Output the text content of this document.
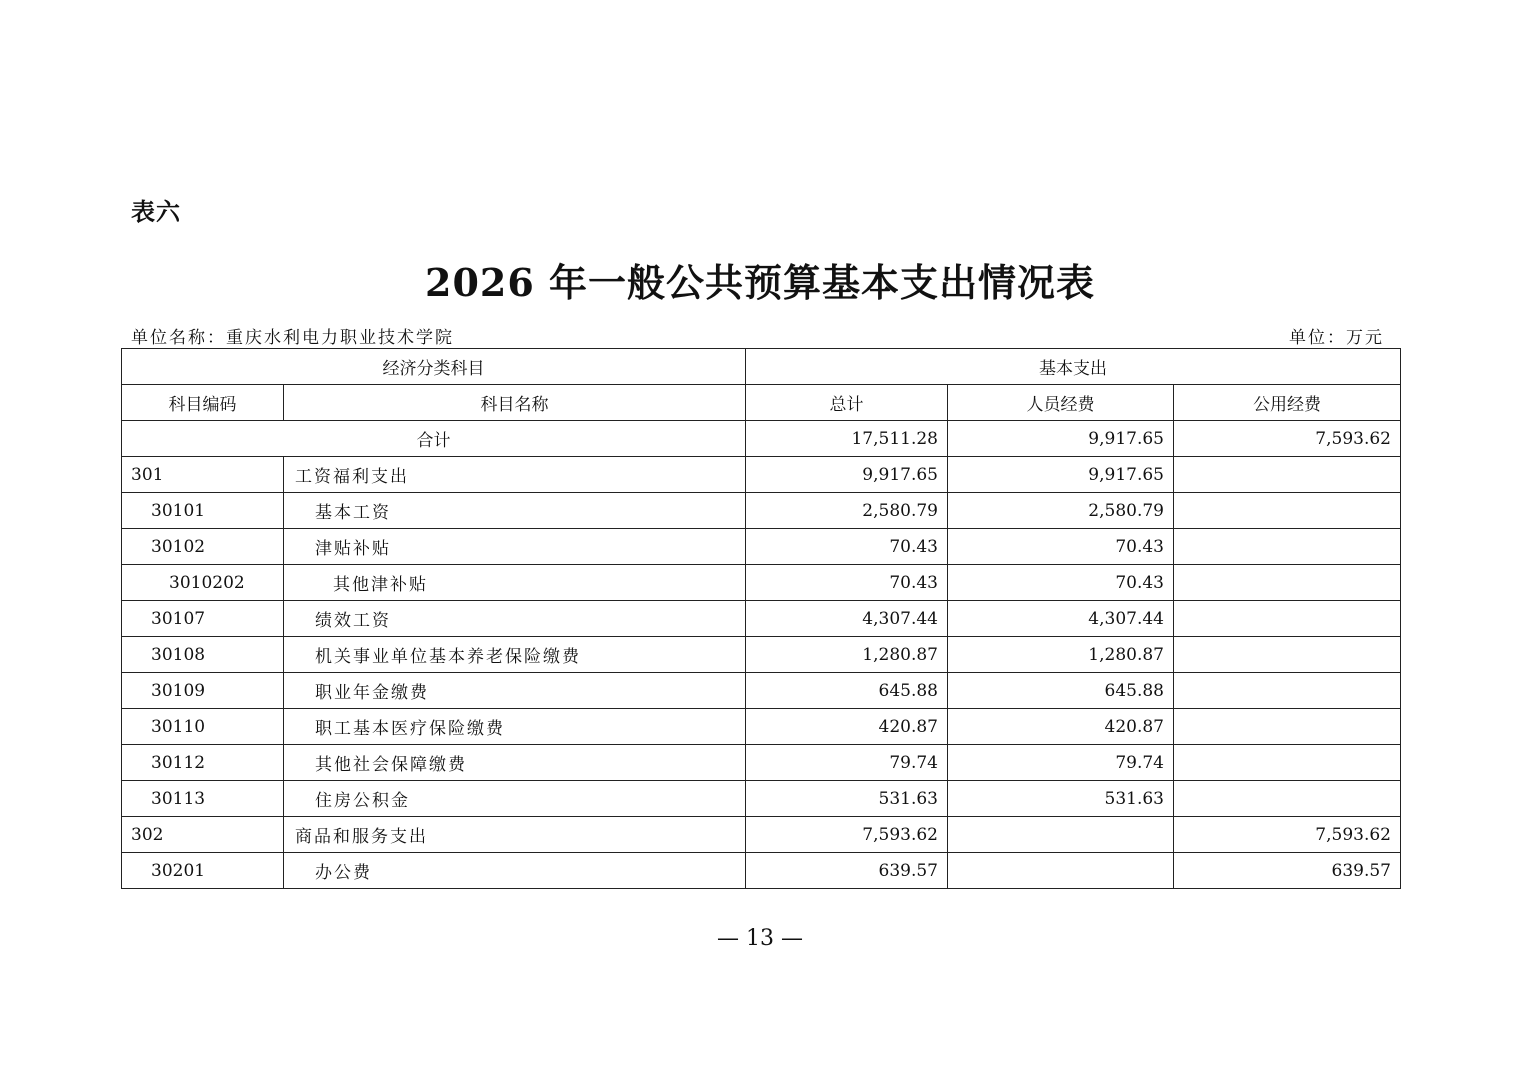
表六
2026 年一般公共预算基本支出情况表
单位名称：重庆水利电力职业技术学院	单位：万元
经济分类科目		基本支出		
科目编码	科目名称	总计	人员经费	公用经费
合计		17,511.28	9,917.65	7,593.62
301	工资福利支出	9,917.65	9,917.65	
30101	基本工资	2,580.79	2,580.79	
30102	津贴补贴	70.43	70.43	
3010202	其他津补贴	70.43	70.43	
30107	绩效工资	4,307.44	4,307.44	
30108	机关事业单位基本养老保险缴费	1,280.87	1,280.87	
30109	职业年金缴费	645.88	645.88	
30110	职工基本医疗保险缴费	420.87	420.87	
30112	其他社会保障缴费	79.74	79.74	
30113	住房公积金	531.63	531.63	
302	商品和服务支出	7,593.62		7,593.62
30201	办公费	639.57		639.57
— 13 —
